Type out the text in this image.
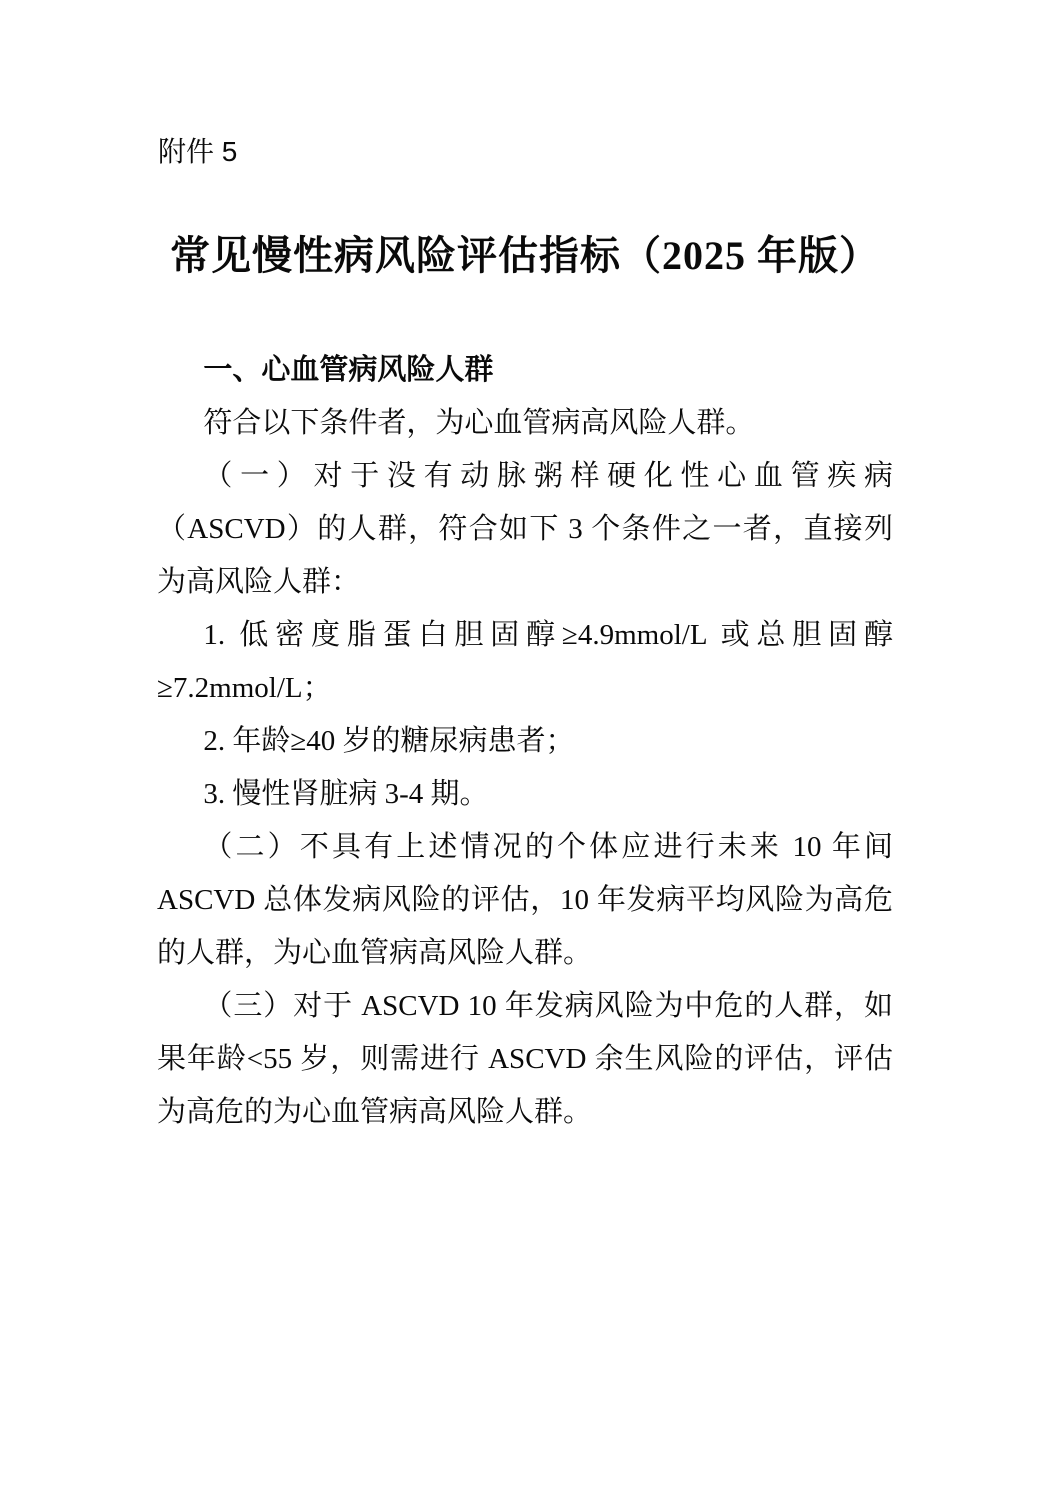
附件 5
常见慢性病风险评估指标（2025 年版）
一、心血管病风险人群

符合以下条件者，为心血管病高风险人群。

（一）对于没有动脉粥样硬化性心血管疾病（ASCVD）的人群，符合如下 3 个条件之一者，直接列为高风险人群：

1. 低密度脂蛋白胆固醇≥4.9mmol/L 或总胆固醇≥7.2mmol/L；

2. 年龄≥40 岁的糖尿病患者；

3. 慢性肾脏病 3-4 期。

（二）不具有上述情况的个体应进行未来 10 年间 ASCVD 总体发病风险的评估，10 年发病平均风险为高危的人群，为心血管病高风险人群。

（三）对于 ASCVD 10 年发病风险为中危的人群，如果年龄<55 岁，则需进行 ASCVD 余生风险的评估，评估为高危的为心血管病高风险人群。
